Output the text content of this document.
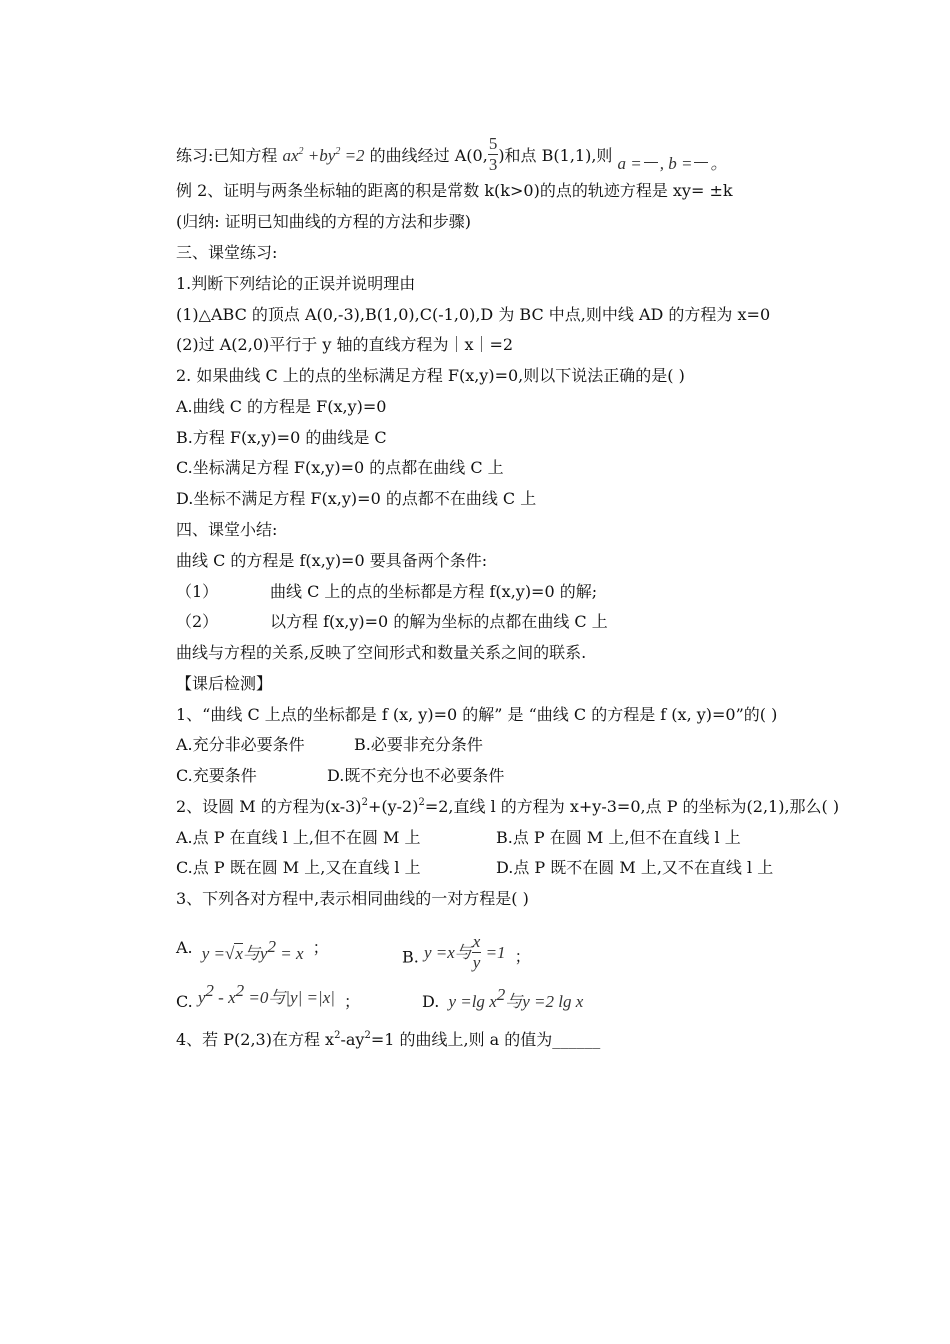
练习:已知方程 $ax^2 +by^2 =2$ 的曲线经过 A(0, $\frac{5}{3}$ )和点 B(1,1),则 a = , b = 。
例 2、证明与两条坐标轴的距离的积是常数 k(k>0)的点的轨迹方程是 xy= ±k
(归纳: 证明已知曲线的方程的方法和步骤)
三、课堂练习:
1.判断下列结论的正误并说明理由
(1)△ABC 的顶点 A(0,-3),B(1,0),C(-1,0),D 为 BC 中点,则中线 AD 的方程为 x=0
(2)过 A(2,0)平行于 y 轴的直线方程为｜x｜=2
2. 如果曲线 C 上的点的坐标满足方程 F(x,y)=0,则以下说法正确的是( )
A.曲线 C 的方程是 F(x,y)=0
B.方程 F(x,y)=0 的曲线是 C
C.坐标满足方程 F(x,y)=0 的点都在曲线 C 上
D.坐标不满足方程 F(x,y)=0 的点都不在曲线 C 上
四、课堂小结:
曲线 C 的方程是 f(x,y)=0 要具备两个条件:
（1）	曲线 C 上的点的坐标都是方程 f(x,y)=0 的解;
（2）	以方程 f(x,y)=0 的解为坐标的点都在曲线 C 上
曲线与方程的关系,反映了空间形式和数量关系之间的联系.
【课后检测】
1、“曲线 C 上点的坐标都是 f (x, y)=0 的解” 是 “曲线 C 的方程是 f (x, y)=0”的( )
A.充分非必要条件	B.必要非充分条件
C.充要条件	D.既不充分也不必要条件
2、设圆 M 的方程为$(x-3)^2+(y-2)^2=2$,直线 l 的方程为 x+y-3=0,点 P 的坐标为(2,1),那么( )
A.点 P 在直线 l 上,但不在圆 M 上	B.点 P 在圆 M 上,但不在直线 l 上
C.点 P 既在圆 M 上,又在直线 l 上	D.点 P 既不在圆 M 上,又不在直线 l 上
3、下列各对方程中,表示相同曲线的一对方程是( )
A. y =√x与$y^2 = x$ ；	B. y =x与 $\frac{x}{y} =1$ ；
C. $y^2 - x^2 =0$与|y| =|x| ；	D. y =lg $x^2$与y =2 lg x
4、若 P(2,3)在方程 $x^2-ay^2=1$ 的曲线上,则 a 的值为______
